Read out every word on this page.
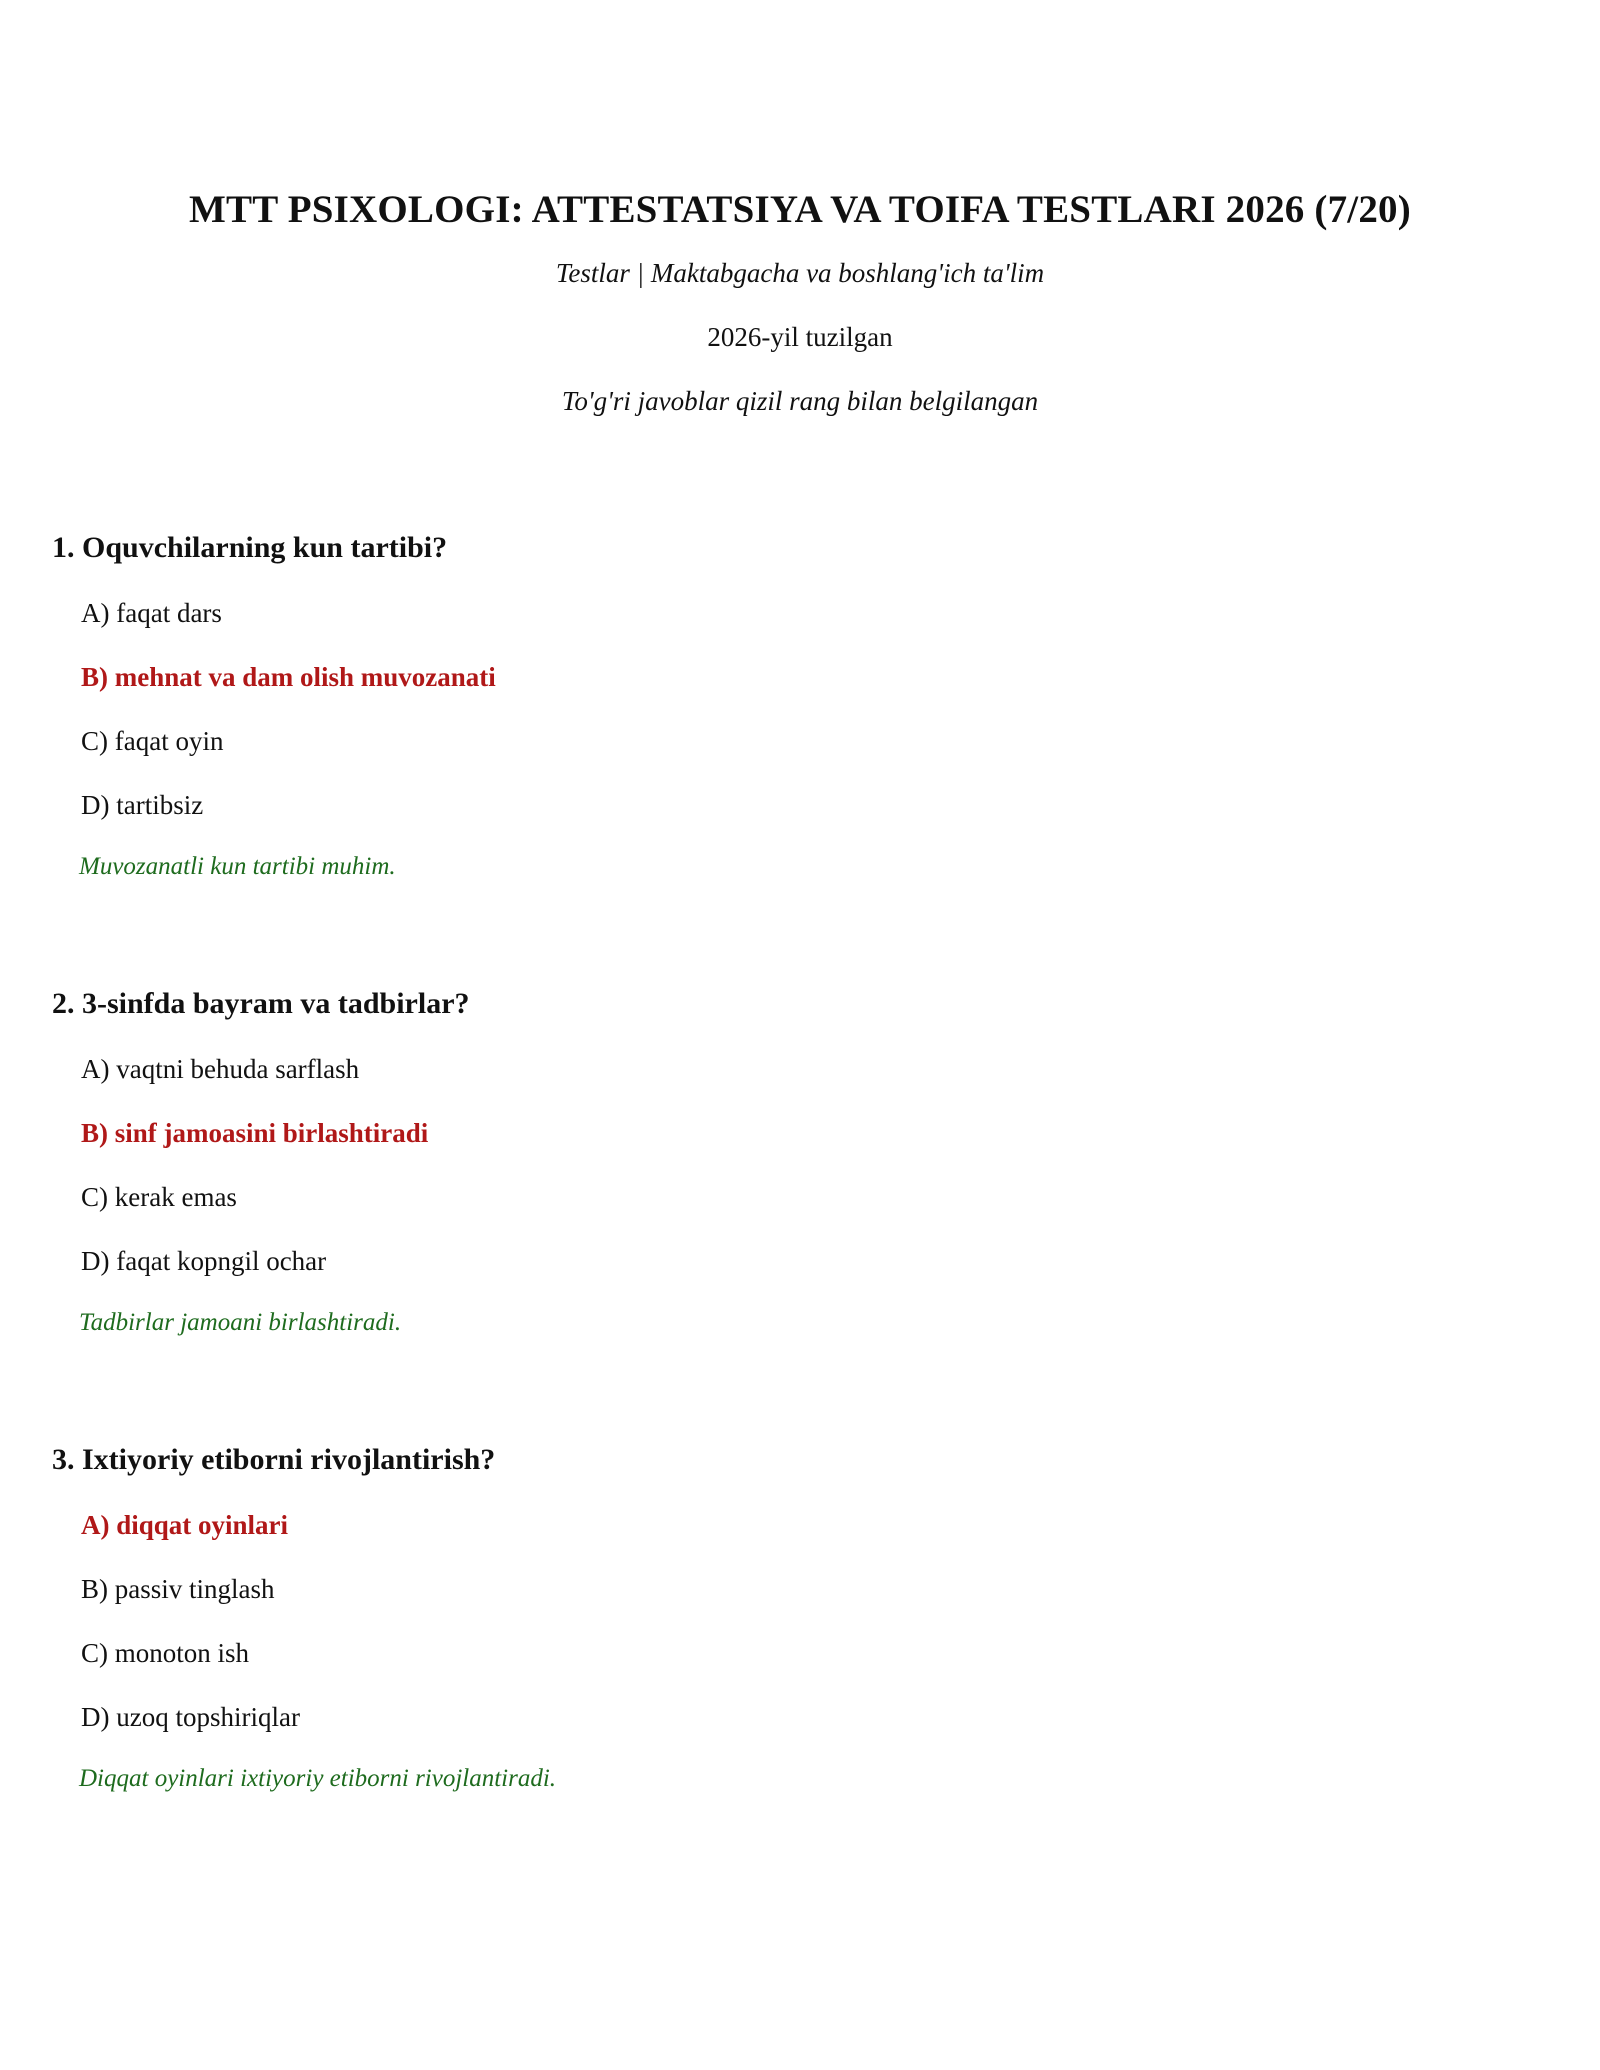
MTT PSIXOLOGI: ATTESTATSIYA VA TOIFA TESTLARI 2026 (7/20)
Testlar | Maktabgacha va boshlang'ich ta'lim
2026-yil tuzilgan
To'g'ri javoblar qizil rang bilan belgilangan
1. Oquvchilarning kun tartibi?
A) faqat dars
B) mehnat va dam olish muvozanati
C) faqat oyin
D) tartibsiz
Muvozanatli kun tartibi muhim.
2. 3-sinfda bayram va tadbirlar?
A) vaqtni behuda sarflash
B) sinf jamoasini birlashtiradi
C) kerak emas
D) faqat kopngil ochar
Tadbirlar jamoani birlashtiradi.
3. Ixtiyoriy etiborni rivojlantirish?
A) diqqat oyinlari
B) passiv tinglash
C) monoton ish
D) uzoq topshiriqlar
Diqqat oyinlari ixtiyoriy etiborni rivojlantiradi.
